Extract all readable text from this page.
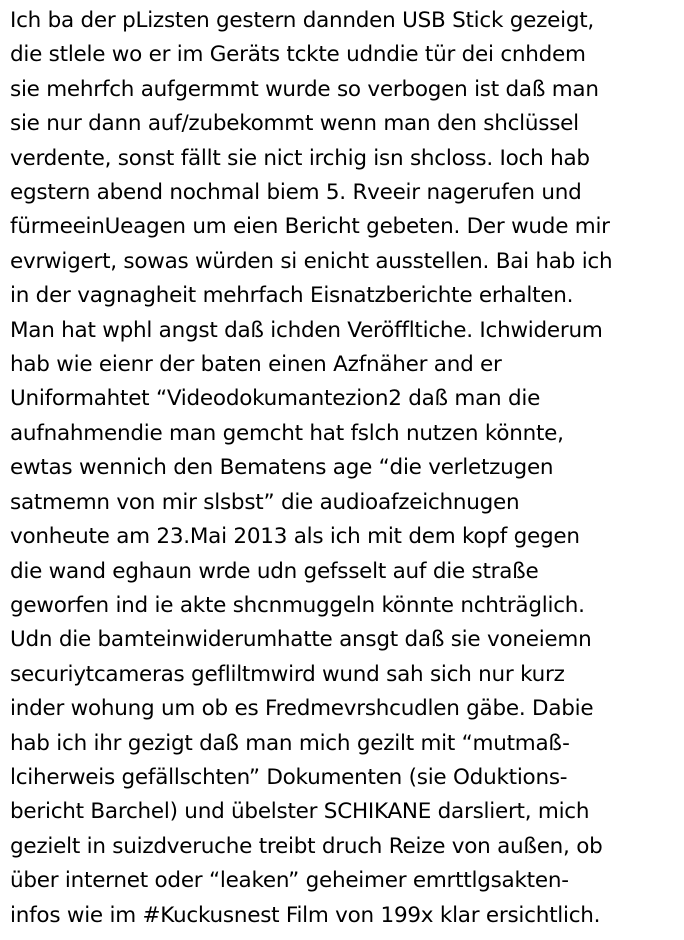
Ich ba der pLizsten gestern dannden USB Stick gezeigt,
die stlele wo er im Geräts tckte udndie tür dei cnhdem
sie mehrfch aufgermmt wurde so verbogen ist daß man
sie nur dann auf/zubekommt wenn man den shclüssel
verdente, sonst fällt sie nict irchig isn shcloss. Ioch hab
egstern abend nochmal biem 5. Rveeir nagerufen und
fürmeeinUeagen um eien Bericht gebeten. Der wude mir
evrwigert, sowas würden si enicht ausstellen. Bai hab ich
in der vagnagheit mehrfach Eisnatzberichte erhalten.
Man hat wphl angst daß ichden Veröffltiche. Ichwiderum
hab wie eienr der baten einen Azfnäher and er
Uniformahtet “Videodokumantezion2 daß man die
aufnahmendie man gemcht hat fslch nutzen könnte,
ewtas wennich den Bematens age “die verletzugen
satmemn von mir slsbst” die audioafzeichnugen
vonheute am 23.Mai 2013 als ich mit dem kopf gegen
die wand eghaun wrde udn gefsselt auf die straße
geworfen ind ie akte shcnmuggeln könnte nchträglich.
Udn die bamteinwiderumhatte ansgt daß sie voneiemn
securiytcameras gefliltmwird wund sah sich nur kurz
inder wohung um ob es Fredmevrshcudlen gäbe. Dabie
hab ich ihr gezigt daß man mich gezilt mit “mutmaß-
lciherweis gefällschten” Dokumenten (sie Oduktions-
bericht Barchel) und übelster SCHIKANE darsliert, mich
gezielt in suizdveruche treibt druch Reize von außen, ob
über internet oder “leaken” geheimer emrttlgsakten-
infos wie im #Kuckusnest Film von 199x klar ersichtlich.
